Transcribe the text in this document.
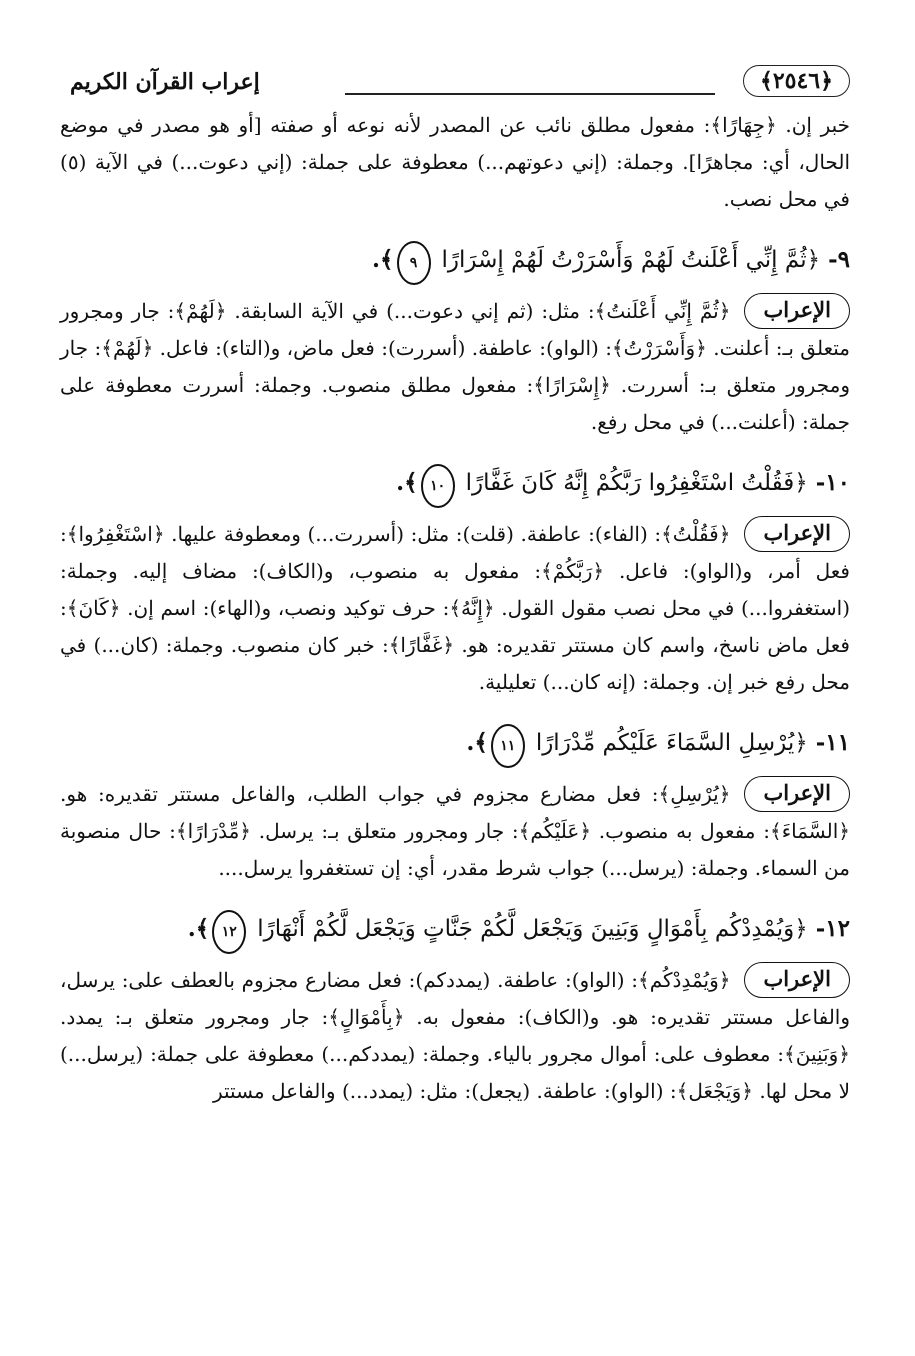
﴿٢٥٤٦﴾
إعراب القرآن الكريم

خبر إن. ﴿جِهَارًا﴾: مفعول مطلق نائب عن المصدر لأنه نوعه أو صفته [أو هو مصدر في موضع الحال، أي: مجاهرًا]. وجملة: (إني دعوتهم...) معطوفة على جملة: (إني دعوت...) في الآية (٥) في محل نصب.

٩- ﴿ثُمَّ إِنِّي أَعْلَنتُ لَهُمْ وَأَسْرَرْتُ لَهُمْ إِسْرَارًا ٩﴾.
الإعراب

﴿ثُمَّ إِنِّي أَعْلَنتُ﴾: مثل: (ثم إني دعوت...) في الآية السابقة. ﴿لَهُمْ﴾: جار ومجرور متعلق بـ: أعلنت. ﴿وَأَسْرَرْتُ﴾: (الواو): عاطفة. (أسررت): فعل ماض، و(التاء): فاعل. ﴿لَهُمْ﴾: جار ومجرور متعلق بـ: أسررت. ﴿إِسْرَارًا﴾: مفعول مطلق منصوب. وجملة: أسررت معطوفة على جملة: (أعلنت...) في محل رفع.

١٠- ﴿فَقُلْتُ اسْتَغْفِرُوا رَبَّكُمْ إِنَّهُ كَانَ غَفَّارًا ١٠﴾.
الإعراب

﴿فَقُلْتُ﴾: (الفاء): عاطفة. (قلت): مثل: (أسررت...) ومعطوفة عليها. ﴿اسْتَغْفِرُوا﴾: فعل أمر، و(الواو): فاعل. ﴿رَبَّكُمْ﴾: مفعول به منصوب، و(الكاف): مضاف إليه. وجملة: (استغفروا...) في محل نصب مقول القول. ﴿إِنَّهُ﴾: حرف توكيد ونصب، و(الهاء): اسم إن. ﴿كَانَ﴾: فعل ماض ناسخ، واسم كان مستتر تقديره: هو. ﴿غَفَّارًا﴾: خبر كان منصوب. وجملة: (كان...) في محل رفع خبر إن. وجملة: (إنه كان...) تعليلية.

١١- ﴿يُرْسِلِ السَّمَاءَ عَلَيْكُم مِّدْرَارًا ١١﴾.
الإعراب

﴿يُرْسِلِ﴾: فعل مضارع مجزوم في جواب الطلب، والفاعل مستتر تقديره: هو. ﴿السَّمَاءَ﴾: مفعول به منصوب. ﴿عَلَيْكُم﴾: جار ومجرور متعلق بـ: يرسل. ﴿مِّدْرَارًا﴾: حال منصوبة من السماء. وجملة: (يرسل...) جواب شرط مقدر، أي: إن تستغفروا يرسل....

١٢- ﴿وَيُمْدِدْكُم بِأَمْوَالٍ وَبَنِينَ وَيَجْعَل لَّكُمْ جَنَّاتٍ وَيَجْعَل لَّكُمْ أَنْهَارًا ١٢﴾.
الإعراب

﴿وَيُمْدِدْكُم﴾: (الواو): عاطفة. (يمددكم): فعل مضارع مجزوم بالعطف على: يرسل، والفاعل مستتر تقديره: هو. و(الكاف): مفعول به. ﴿بِأَمْوَالٍ﴾: جار ومجرور متعلق بـ: يمدد. ﴿وَبَنِينَ﴾: معطوف على: أموال مجرور بالياء. وجملة: (يمددكم...) معطوفة على جملة: (يرسل...) لا محل لها. ﴿وَيَجْعَل﴾: (الواو): عاطفة. (يجعل): مثل: (يمدد...) والفاعل مستتر
